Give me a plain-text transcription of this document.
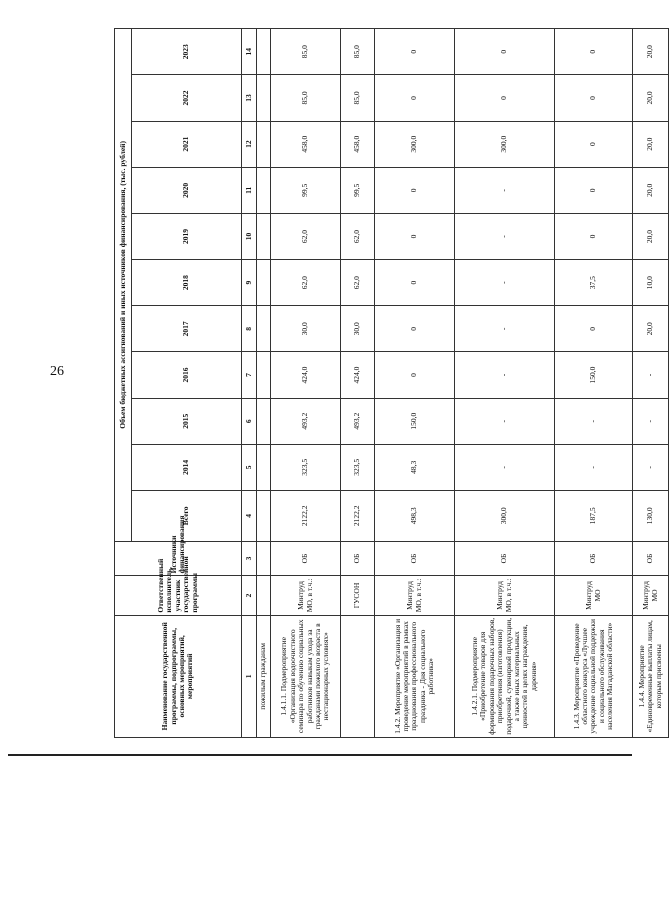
26
Наименование государственной программы, подпрограммы, основных мероприятий, мероприятий	Ответственный исполнитель, участник государственной программы	Источники финансирования	Объем бюджетных ассигнований и иных источников финансирования, (тыс. рублей)										
			Всего	2014	2015	2016	2017	2018	2019	2020	2021	2022	2023
1	2	3	4	5	6	7	8	9	10	11	12	13	14
пожилым гражданам													
1.4.1.1. Подмероприятие «Организация водоочистного семинара по обучению социальных работников навыкам ухода за гражданами пожилого возраста в нестационарных условиях»	Минтруд МО, в т.ч.:	ОБ	2122,2	323,5	493,2	424,0	30,0	62,0	62,0	99,5	458,0	85,0	85,0
	ГУСОН	ОБ	2122,2	323,5	493,2	424,0	30,0	62,0	62,0	99,5	458,0	85,0	85,0
1.4.2. Мероприятие «Организация и проведение мероприятий в рамках празднования профессионального праздника - Дня социального работника»	Минтруд МО, в т.ч.:	ОБ	498,3	48,3	150,0	0	0	0	0	0	300,0	0	0
1.4.2.1. Подмероприятие «Приобретение товаров для формирования подарочных наборов, приобретения (изготовления) подарочной, сувенирной продукции, а также иных материальных ценностей в целях награждения, дарения»	Минтруд МО, в т.ч.:	ОБ	300,0	-	-	-	-	-	-	-	300,0	0	0
1.4.3. Мероприятие «Проведение областного конкурса «Лучшее учреждение социальной поддержки и социального обслуживания населения Магаданской области»	Минтруд МО	ОБ	187,5	-	-	150,0	0	37,5	0	0	0	0	0
1.4.4. Мероприятие «Единовременные выплаты лицам, которым присвоены	Минтруд МО	ОБ	130,0	-	-	-	20,0	10,0	20,0	20,0	20,0	20,0	20,0
